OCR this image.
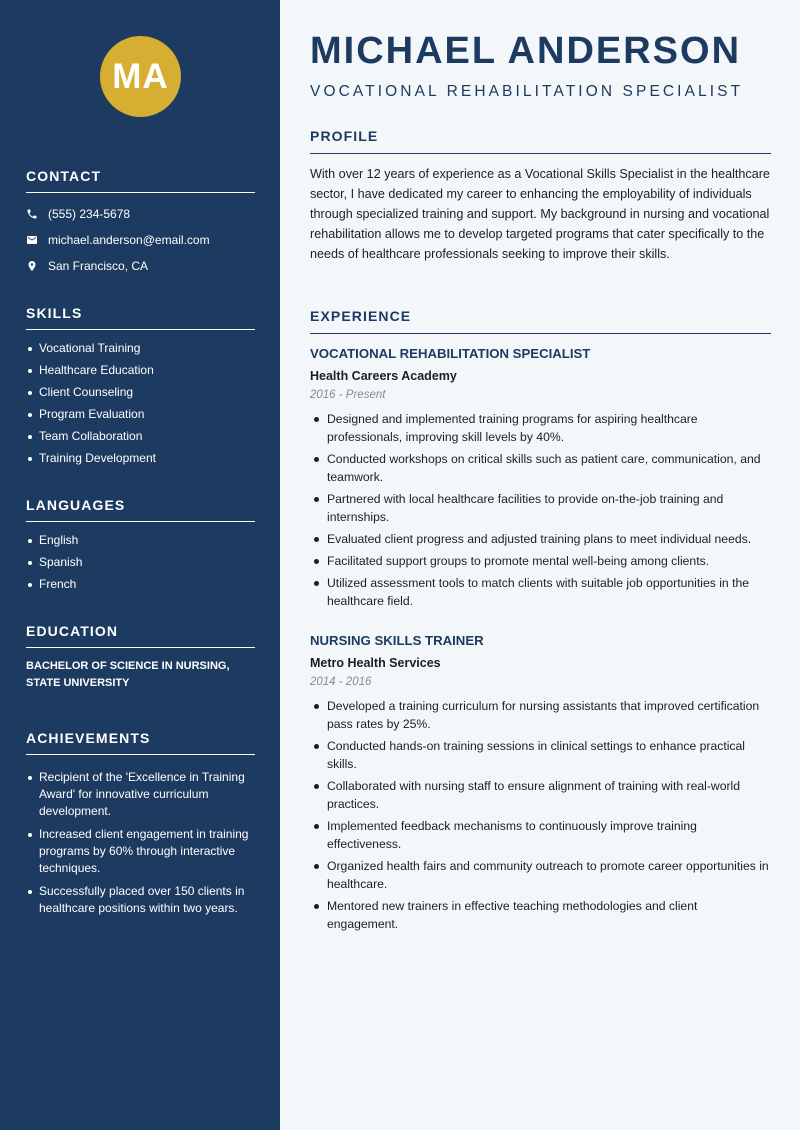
MA
CONTACT
(555) 234-5678
michael.anderson@email.com
San Francisco, CA
SKILLS
Vocational Training
Healthcare Education
Client Counseling
Program Evaluation
Team Collaboration
Training Development
LANGUAGES
English
Spanish
French
EDUCATION
BACHELOR OF SCIENCE IN NURSING, STATE UNIVERSITY
ACHIEVEMENTS
Recipient of the 'Excellence in Training Award' for innovative curriculum development.
Increased client engagement in training programs by 60% through interactive techniques.
Successfully placed over 150 clients in healthcare positions within two years.
MICHAEL ANDERSON
VOCATIONAL REHABILITATION SPECIALIST
PROFILE
With over 12 years of experience as a Vocational Skills Specialist in the healthcare sector, I have dedicated my career to enhancing the employability of individuals through specialized training and support. My background in nursing and vocational rehabilitation allows me to develop targeted programs that cater specifically to the needs of healthcare professionals seeking to improve their skills.
EXPERIENCE
VOCATIONAL REHABILITATION SPECIALIST
Health Careers Academy
2016 - Present
Designed and implemented training programs for aspiring healthcare professionals, improving skill levels by 40%.
Conducted workshops on critical skills such as patient care, communication, and teamwork.
Partnered with local healthcare facilities to provide on-the-job training and internships.
Evaluated client progress and adjusted training plans to meet individual needs.
Facilitated support groups to promote mental well-being among clients.
Utilized assessment tools to match clients with suitable job opportunities in the healthcare field.
NURSING SKILLS TRAINER
Metro Health Services
2014 - 2016
Developed a training curriculum for nursing assistants that improved certification pass rates by 25%.
Conducted hands-on training sessions in clinical settings to enhance practical skills.
Collaborated with nursing staff to ensure alignment of training with real-world practices.
Implemented feedback mechanisms to continuously improve training effectiveness.
Organized health fairs and community outreach to promote career opportunities in healthcare.
Mentored new trainers in effective teaching methodologies and client engagement.
